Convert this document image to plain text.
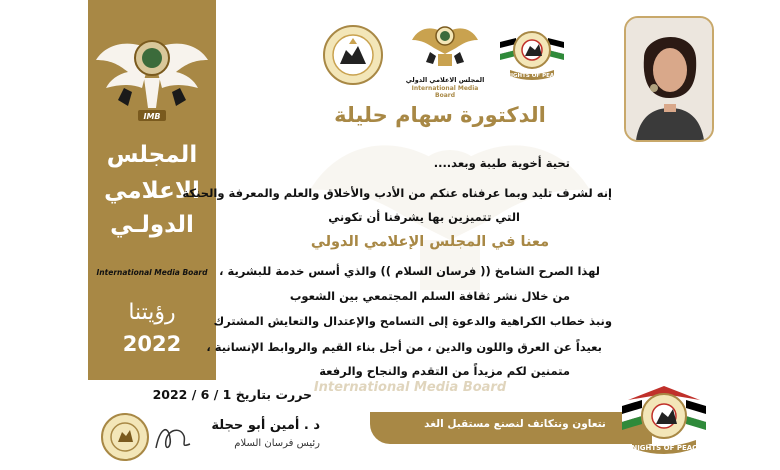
IMB
المجلس
الاعلامي
الدولـي
International Media Board
رؤيتنا
2022
International Media Board
المجلس الاعلامي الدولي
International Media Board
KNIGHTS OF PEACE
الدكتورة سهام حليلة
تحية أخوية طيبة وبعد....
إنه لشرف تليد وبما عرفناه عنكم من الأدب والأخلاق والعلم والمعرفة والحنكة
التي تتميزين بها يشرفنا أن تكوني
معنا في المجلس الإعلامي الدولي
لهذا الصرح الشامخ (( فرسان السلام )) والذي أسس خدمة للبشرية ،
من خلال نشر ثقافة السلم المجتمعي بين الشعوب
ونبذ خطاب الكراهية والدعوة إلى التسامح والإعتدال والتعايش المشترك
بعيداً عن العرق واللون والدين ، من أجل بناء القيم والروابط الإنسانية ،
متمنين لكم مزيداً من التقدم والنجاح والرفعة
حررت بتاريخ 1 / 6 / 2022
د . أمين أبو حجلة
رئيس فرسان السلام
نتعاون ونتكاتف لنصنع مستقبل الغد
KNIGHTS OF PEACE
